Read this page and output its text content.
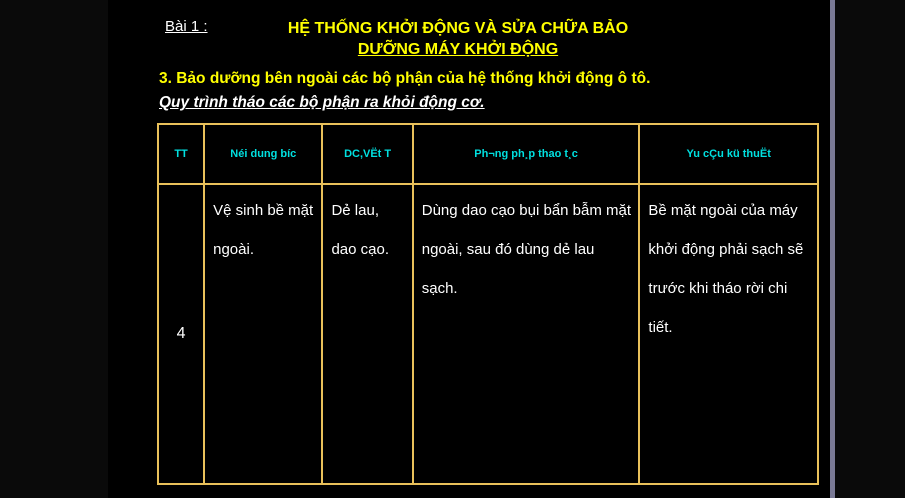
Bài 1 :	HỆ THỐNG KHỞI ĐỘNG VÀ SỬA CHỮA BẢO
DƯỠNG MÁY KHỞI ĐỘNG
3. Bảo dưỡng bên ngoài các bộ phận của hệ thống khởi động ô tô.
Quy trình tháo các bộ phận ra khỏi động cơ.
TT	Néi dung bíc	DC,VËt T	Ph¬ng ph¸p thao t¸c	Yu cÇu kü thuËt
4	Vệ sinh bề mặt ngoài.	Dẻ lau, dao cạo.	Dùng dao cạo bụi bẩn bẫm mặt ngoài, sau đó dùng dẻ lau sạch.	Bề mặt ngoài của máy khởi động phải sạch sẽ trước khi tháo rời chi tiết.
